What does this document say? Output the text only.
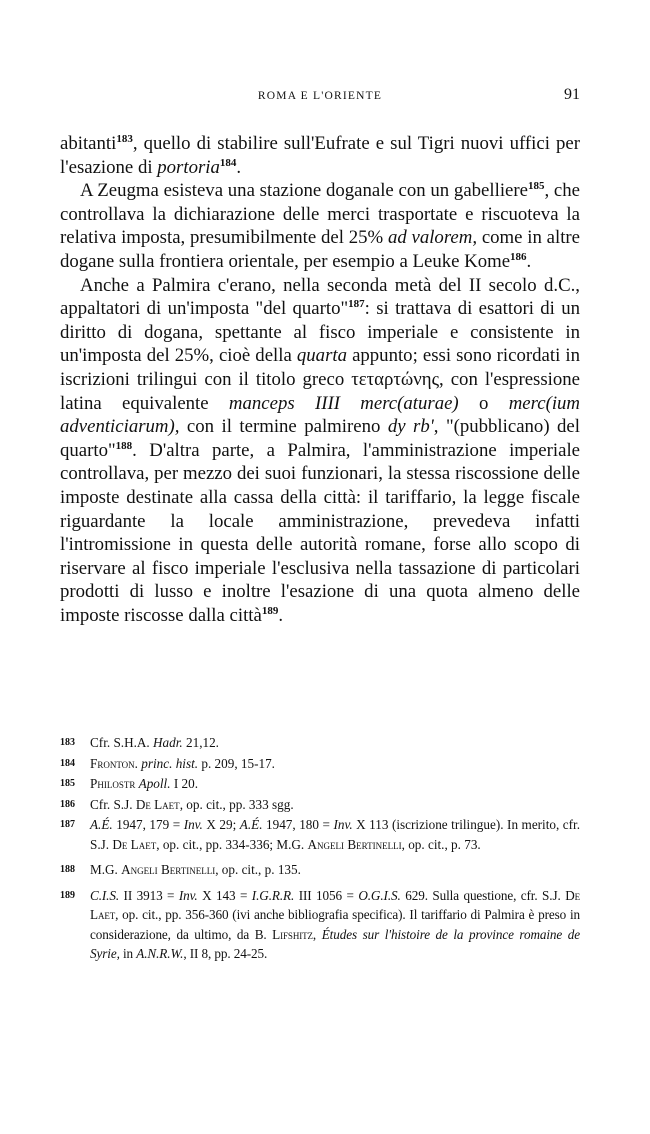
ROMA E L'ORIENTE	91

abitanti$^{183}$, quello di stabilire sull'Eufrate e sul Tigri nuovi uffici per l'esazione di portoria$^{184}$.

A Zeugma esisteva una stazione doganale con un gabelliere$^{185}$, che controllava la dichiarazione delle merci trasportate e riscuoteva la relativa imposta, presumibilmente del 25% ad valorem, come in altre dogane sulla frontiera orientale, per esempio a Leuke Kome$^{186}$.

Anche a Palmira c'erano, nella seconda metà del II secolo d.C., appaltatori di un'imposta "del quarto"$^{187}$: si trattava di esattori di un diritto di dogana, spettante al fisco imperiale e consistente in un'imposta del 25%, cioè della quarta appunto; essi sono ricordati in iscrizioni trilingui con il titolo greco τεταρτώνης, con l'espressione latina equivalente manceps IIII merc(aturae) o merc(ium adventiciarum), con il termine palmireno dy rb', "(pubblicano) del quarto"$^{188}$. D'altra parte, a Palmira, l'amministrazione imperiale controllava, per mezzo dei suoi funzionari, la stessa riscossione delle imposte destinate alla cassa della città: il tariffario, la legge fiscale riguardante la locale amministrazione, prevedeva infatti l'intromissione in questa delle autorità romane, forse allo scopo di riservare al fisco imperiale l'esclusiva nella tassazione di particolari prodotti di lusso e inoltre l'esazione di una quota almeno delle imposte riscosse dalla città$^{189}$.

183	Cfr. S.H.A. Hadr. 21,12.
184	Fronton. princ. hist. p. 209, 15-17.
185	Philostr Apoll. I 20.
186	Cfr. S.J. De Laet, op. cit., pp. 333 sgg.
187	A.É. 1947, 179 = Inv. X 29; A.É. 1947, 180 = Inv. X 113 (iscrizione trilingue). In merito, cfr. S.J. De Laet, op. cit., pp. 334-336; M.G. Angeli Bertinelli, op. cit., p. 73.
188	M.G. Angeli Bertinelli, op. cit., p. 135.
189	C.I.S. II 3913 = Inv. X 143 = I.G.R.R. III 1056 = O.G.I.S. 629. Sulla questione, cfr. S.J. De Laet, op. cit., pp. 356-360 (ivi anche bibliografia specifica). Il tariffario di Palmira è preso in considerazione, da ultimo, da B. Lifshitz, Études sur l'histoire de la province romaine de Syrie, in A.N.R.W., II 8, pp. 24-25.
